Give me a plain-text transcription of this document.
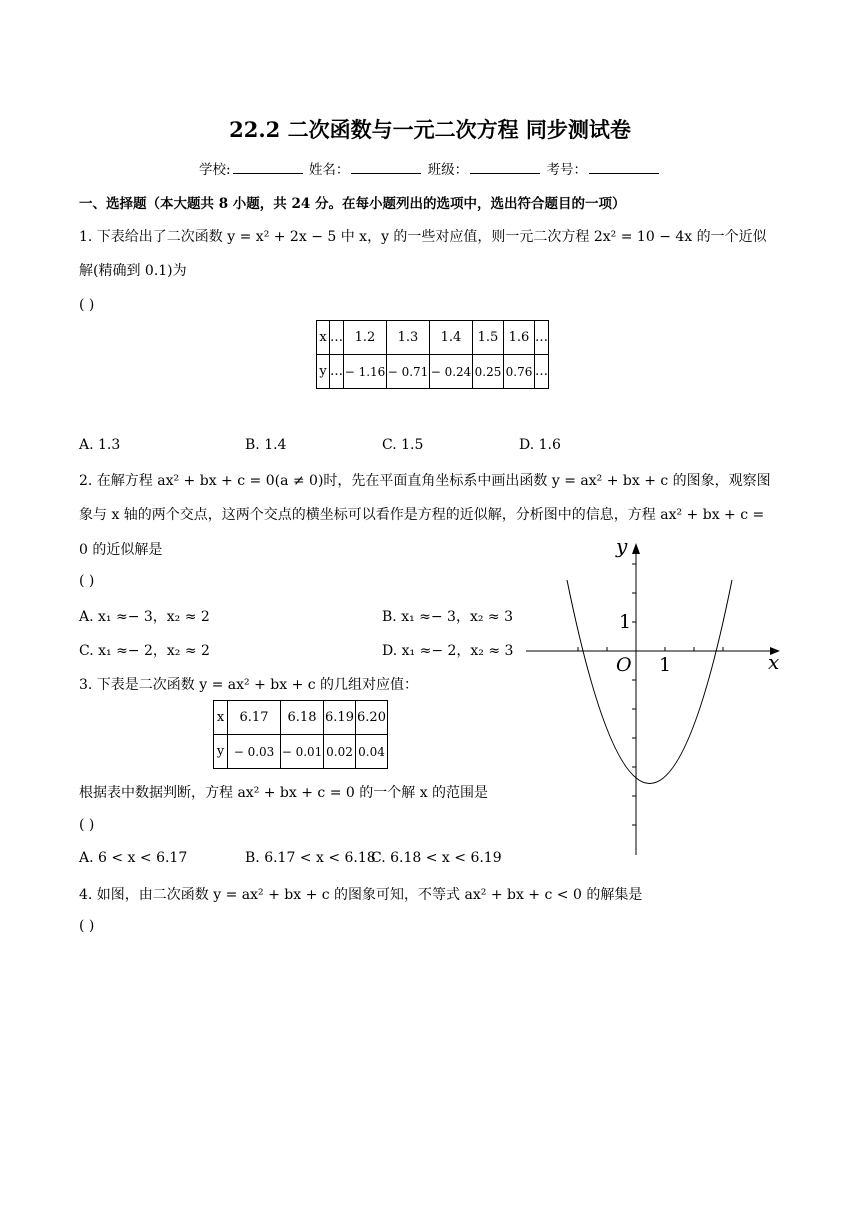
22.2 二次函数与一元二次方程 同步测试卷
学校:	姓名：	班级：	考号：
一、选择题（本大题共 8 小题，共 24 分。在每小题列出的选项中，选出符合题目的一项）
1. 下表给出了二次函数 y = x² + 2x − 5 中 x，y 的一些对应值，则一元二次方程 2x² = 10 − 4x 的一个近似
解(精确到 0.1)为
( )
x	…	1.2	1.3	1.4	1.5	1.6	…
y	…	− 1.16	− 0.71	− 0.24	0.25	0.76	…
A. 1.3	B. 1.4	C. 1.5	D. 1.6
2. 在解方程 ax² + bx + c = 0(a ≠ 0)时，先在平面直角坐标系中画出函数 y = ax² + bx + c 的图象，观察图
象与 x 轴的两个交点，这两个交点的横坐标可以看作是方程的近似解，分析图中的信息，方程 ax² + bx + c =
0 的近似解是
( )
A. x₁ ≈− 3，x₂ ≈ 2	B. x₁ ≈− 3，x₂ ≈ 3
C. x₁ ≈− 2，x₂ ≈ 2	D. x₁ ≈− 2，x₂ ≈ 3
y
x
O 1
1
3. 下表是二次函数 y = ax² + bx + c 的几组对应值：
x	6.17	6.18	6.19	6.20
y	− 0.03	− 0.01	0.02	0.04
根据表中数据判断，方程 ax² + bx + c = 0 的一个解 x 的范围是
( )
A. 6 < x < 6.17	B. 6.17 < x < 6.18
C. 6.18 < x < 6.19
4. 如图，由二次函数 y = ax² + bx + c 的图象可知，不等式 ax² + bx + c < 0 的解集是
( )
